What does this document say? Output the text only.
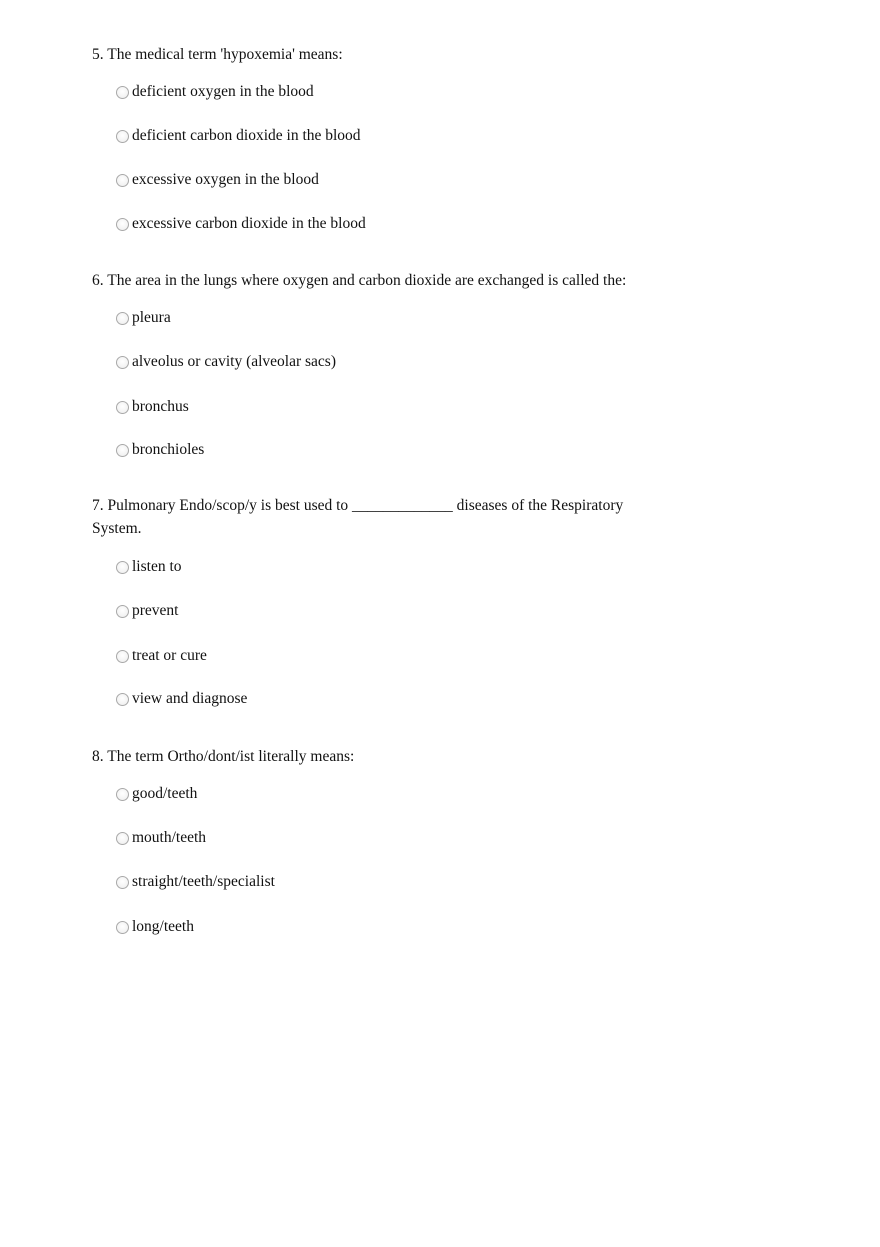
5. The medical term 'hypoxemia' means:

deficient oxygen in the blood
deficient carbon dioxide in the blood
excessive oxygen in the blood
excessive carbon dioxide in the blood

6. The area in the lungs where oxygen and carbon dioxide are exchanged is called the:

pleura
alveolus or cavity (alveolar sacs)
bronchus
bronchioles

7. Pulmonary Endo/scop/y is best used to _____________ diseases of the Respiratory System.

listen to
prevent
treat or cure
view and diagnose

8. The term Ortho/dont/ist literally means:

good/teeth
mouth/teeth
straight/teeth/specialist
long/teeth
